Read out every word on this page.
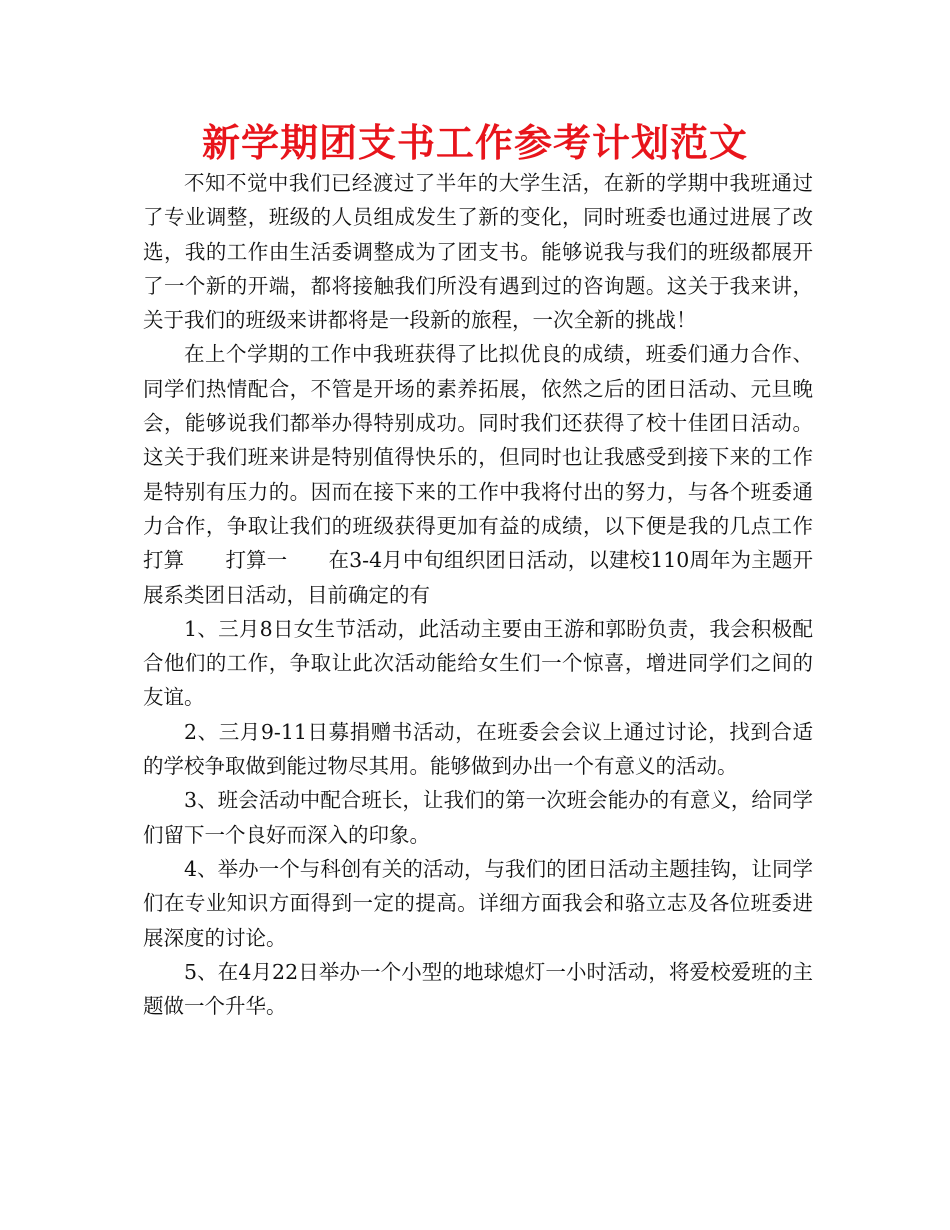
新学期团支书工作参考计划范文

不知不觉中我们已经渡过了半年的大学生活，在新的学期中我班通过了专业调整，班级的人员组成发生了新的变化，同时班委也通过进展了改选，我的工作由生活委调整成为了团支书。能够说我与我们的班级都展开了一个新的开端，都将接触我们所没有遇到过的咨询题。这关于我来讲，关于我们的班级来讲都将是一段新的旅程，一次全新的挑战！

在上个学期的工作中我班获得了比拟优良的成绩，班委们通力合作、同学们热情配合，不管是开场的素养拓展，依然之后的团日活动、元旦晚会，能够说我们都举办得特别成功。同时我们还获得了校十佳团日活动。这关于我们班来讲是特别值得快乐的，但同时也让我感受到接下来的工作是特别有压力的。因而在接下来的工作中我将付出的努力，与各个班委通力合作，争取让我们的班级获得更加有益的成绩，以下便是我的几点工作打算　　打算一　　在3-4月中旬组织团日活动，以建校110周年为主题开展系类团日活动，目前确定的有

1、三月8日女生节活动，此活动主要由王游和郭盼负责，我会积极配合他们的工作，争取让此次活动能给女生们一个惊喜，增进同学们之间的友谊。

2、三月9-11日募捐赠书活动，在班委会会议上通过讨论，找到合适的学校争取做到能过物尽其用。能够做到办出一个有意义的活动。

3、班会活动中配合班长，让我们的第一次班会能办的有意义，给同学们留下一个良好而深入的印象。

4、举办一个与科创有关的活动，与我们的团日活动主题挂钩，让同学们在专业知识方面得到一定的提高。详细方面我会和骆立志及各位班委进展深度的讨论。

5、在4月22日举办一个小型的地球熄灯一小时活动，将爱校爱班的主题做一个升华。
